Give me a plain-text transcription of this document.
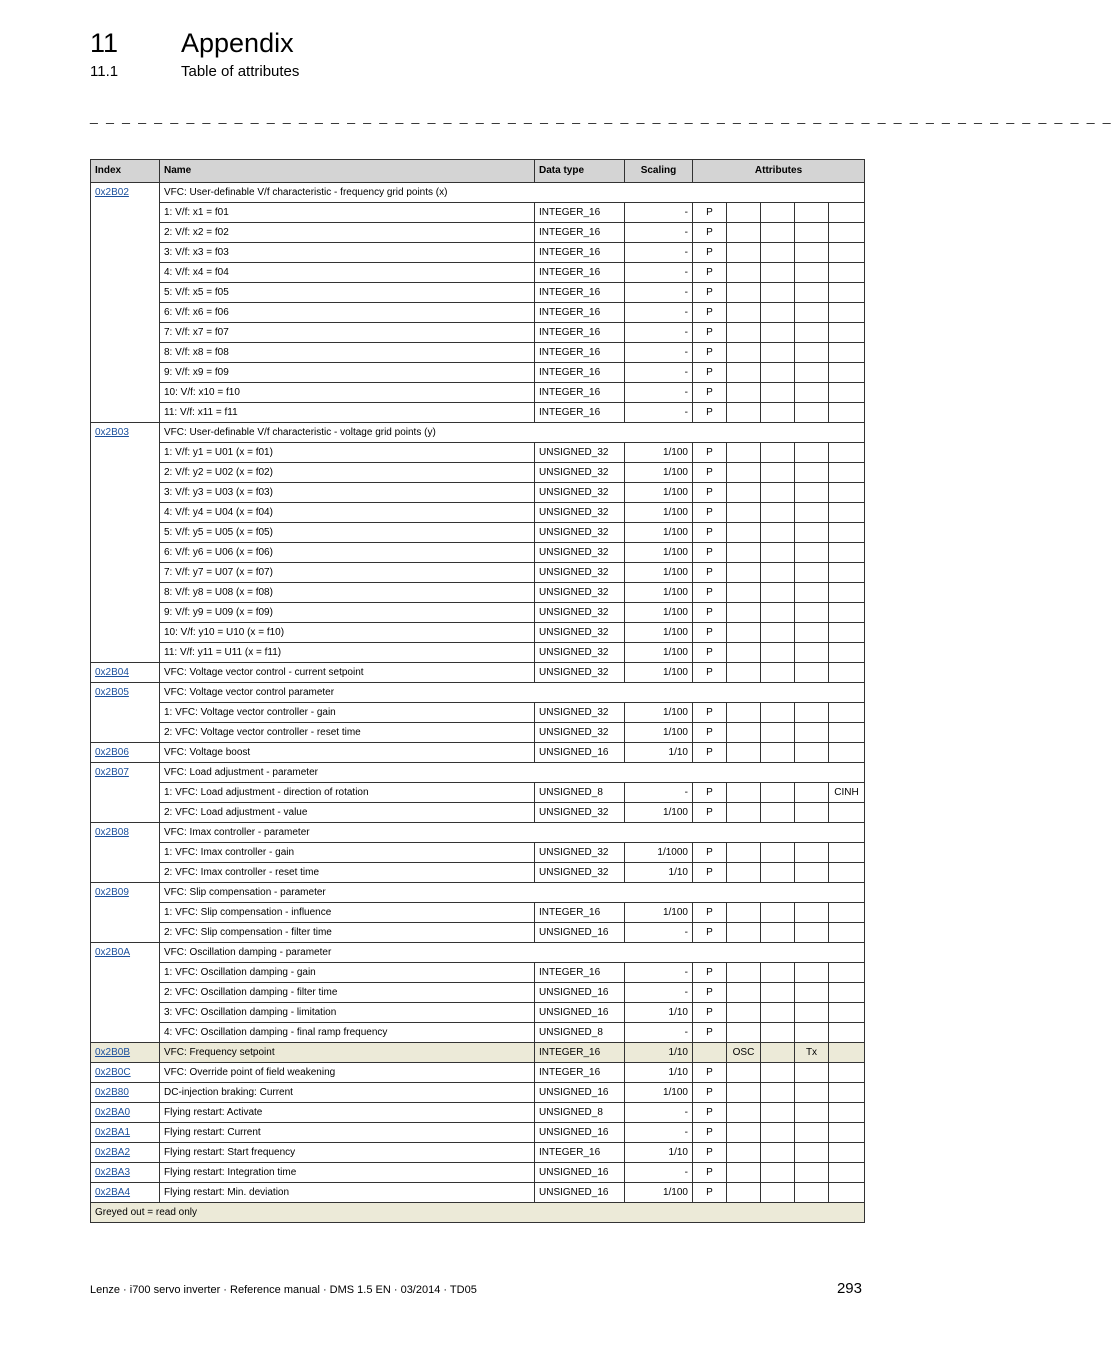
11 Appendix
11.1	Table of attributes
_ _ _ _ _ _ _ _ _ _ _ _ _ _ _ _ _ _ _ _ _ _ _ _ _ _ _ _ _ _ _ _ _ _ _ _ _ _ _ _ _ _ _ _ _ _ _ _ _ _ _ _ _ _ _ _ _ _ _ _ _ _ _ _
Index	Name	Data type	Scaling	Attributes				
0x2B02	VFC: User-definable V/f characteristic - frequency grid points (x)							
	1: V/f: x1 = f01	INTEGER_16	-	P				
	2: V/f: x2 = f02	INTEGER_16	-	P				
	3: V/f: x3 = f03	INTEGER_16	-	P				
	4: V/f: x4 = f04	INTEGER_16	-	P				
	5: V/f: x5 = f05	INTEGER_16	-	P				
	6: V/f: x6 = f06	INTEGER_16	-	P				
	7: V/f: x7 = f07	INTEGER_16	-	P				
	8: V/f: x8 = f08	INTEGER_16	-	P				
	9: V/f: x9 = f09	INTEGER_16	-	P				
	10: V/f: x10 = f10	INTEGER_16	-	P				
	11: V/f: x11 = f11	INTEGER_16	-	P				
0x2B03	VFC: User-definable V/f characteristic - voltage grid points (y)							
	1: V/f: y1 = U01 (x = f01)	UNSIGNED_32	1/100	P				
	2: V/f: y2 = U02 (x = f02)	UNSIGNED_32	1/100	P				
	3: V/f: y3 = U03 (x = f03)	UNSIGNED_32	1/100	P				
	4: V/f: y4 = U04 (x = f04)	UNSIGNED_32	1/100	P				
	5: V/f: y5 = U05 (x = f05)	UNSIGNED_32	1/100	P				
	6: V/f: y6 = U06 (x = f06)	UNSIGNED_32	1/100	P				
	7: V/f: y7 = U07 (x = f07)	UNSIGNED_32	1/100	P				
	8: V/f: y8 = U08 (x = f08)	UNSIGNED_32	1/100	P				
	9: V/f: y9 = U09 (x = f09)	UNSIGNED_32	1/100	P				
	10: V/f: y10 = U10 (x = f10)	UNSIGNED_32	1/100	P				
	11: V/f: y11 = U11 (x = f11)	UNSIGNED_32	1/100	P				
0x2B04	VFC: Voltage vector control - current setpoint	UNSIGNED_32	1/100	P				
0x2B05	VFC: Voltage vector control parameter							
	1: VFC: Voltage vector controller - gain	UNSIGNED_32	1/100	P				
	2: VFC: Voltage vector controller - reset time	UNSIGNED_32	1/100	P				
0x2B06	VFC: Voltage boost	UNSIGNED_16	1/10	P				
0x2B07	VFC: Load adjustment - parameter							
	1: VFC: Load adjustment - direction of rotation	UNSIGNED_8	-	P				CINH
	2: VFC: Load adjustment - value	UNSIGNED_32	1/100	P				
0x2B08	VFC: Imax controller - parameter							
	1: VFC: Imax controller - gain	UNSIGNED_32	1/1000	P				
	2: VFC: Imax controller - reset time	UNSIGNED_32	1/10	P				
0x2B09	VFC: Slip compensation - parameter							
	1: VFC: Slip compensation - influence	INTEGER_16	1/100	P				
	2: VFC: Slip compensation - filter time	UNSIGNED_16	-	P				
0x2B0A	VFC: Oscillation damping - parameter							
	1: VFC: Oscillation damping - gain	INTEGER_16	-	P				
	2: VFC: Oscillation damping - filter time	UNSIGNED_16	-	P				
	3: VFC: Oscillation damping - limitation	UNSIGNED_16	1/10	P				
	4: VFC: Oscillation damping - final ramp frequency	UNSIGNED_8	-	P				
0x2B0B	VFC: Frequency setpoint	INTEGER_16	1/10		OSC		Tx	
0x2B0C	VFC: Override point of field weakening	INTEGER_16	1/10	P				
0x2B80	DC-injection braking: Current	UNSIGNED_16	1/100	P				
0x2BA0	Flying restart: Activate	UNSIGNED_8	-	P				
0x2BA1	Flying restart: Current	UNSIGNED_16	-	P				
0x2BA2	Flying restart: Start frequency	INTEGER_16	1/10	P				
0x2BA3	Flying restart: Integration time	UNSIGNED_16	-	P				
0x2BA4	Flying restart: Min. deviation	UNSIGNED_16	1/100	P				
Greyed out = read only								
Lenze · i700 servo inverter · Reference manual · DMS 1.5 EN · 03/2014 · TD05	293
